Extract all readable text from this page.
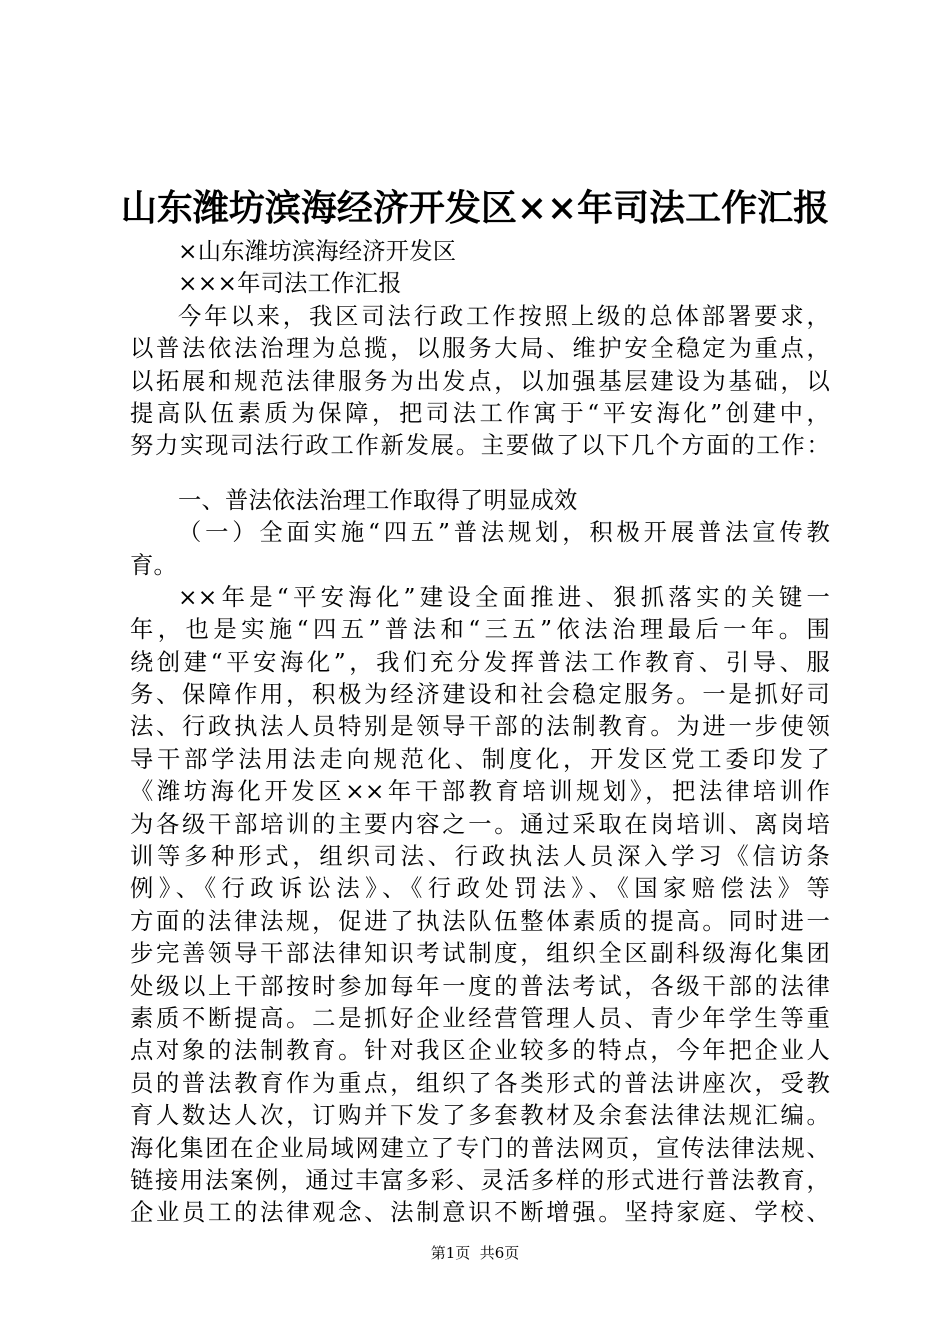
山东潍坊滨海经济开发区××年司法工作汇报
×山东潍坊滨海经济开发区
×××年司法工作汇报
今年以来，我区司法行政工作按照上级的总体部署要求，
以普法依法治理为总揽，以服务大局、维护安全稳定为重点，
以拓展和规范法律服务为出发点，以加强基层建设为基础，以
提高队伍素质为保障，把司法工作寓于“平安海化”创建中，
努力实现司法行政工作新发展。主要做了以下几个方面的工作：
一、普法依法治理工作取得了明显成效
（一）全面实施“四五”普法规划，积极开展普法宣传教
育。
××年是“平安海化”建设全面推进、狠抓落实的关键一
年，也是实施“四五”普法和“三五”依法治理最后一年。围
绕创建“平安海化”，我们充分发挥普法工作教育、引导、服
务、保障作用，积极为经济建设和社会稳定服务。一是抓好司
法、行政执法人员特别是领导干部的法制教育。为进一步使领
导干部学法用法走向规范化、制度化，开发区党工委印发了
《潍坊海化开发区××年干部教育培训规划》，把法律培训作
为各级干部培训的主要内容之一。通过采取在岗培训、离岗培
训等多种形式，组织司法、行政执法人员深入学习《信访条
例》、《行政诉讼法》、《行政处罚法》、《国家赔偿法》等
方面的法律法规，促进了执法队伍整体素质的提高。同时进一
步完善领导干部法律知识考试制度，组织全区副科级海化集团
处级以上干部按时参加每年一度的普法考试，各级干部的法律
素质不断提高。二是抓好企业经营管理人员、青少年学生等重
点对象的法制教育。针对我区企业较多的特点，今年把企业人
员的普法教育作为重点，组织了各类形式的普法讲座次，受教
育人数达人次，订购并下发了多套教材及余套法律法规汇编。
海化集团在企业局域网建立了专门的普法网页，宣传法律法规、
链接用法案例，通过丰富多彩、灵活多样的形式进行普法教育，
企业员工的法律观念、法制意识不断增强。坚持家庭、学校、
第1页  共6页
